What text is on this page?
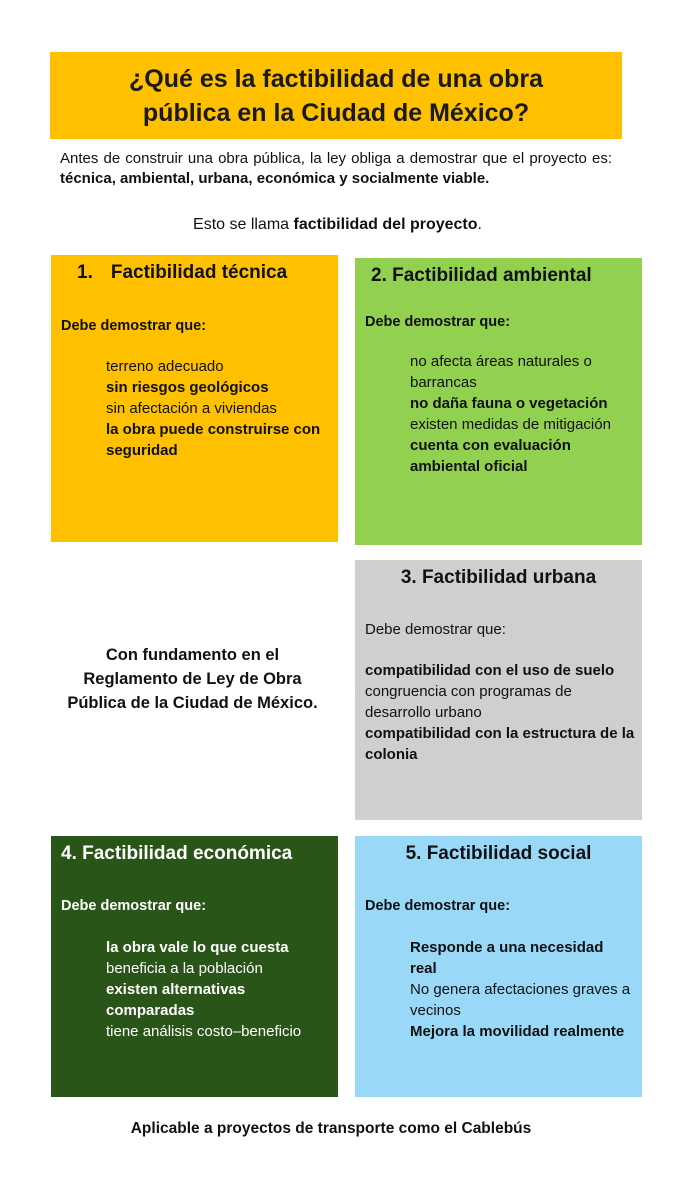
¿Qué es la factibilidad de una obra pública en la Ciudad de México?
Antes de construir una obra pública, la ley obliga a demostrar que el proyecto es: técnica, ambiental, urbana, económica y socialmente viable.
Esto se llama factibilidad del proyecto.
1. Factibilidad técnica
Debe demostrar que:
terreno adecuado
sin riesgos geológicos
sin afectación a viviendas
la obra puede construirse con seguridad
2. Factibilidad ambiental
Debe demostrar que:
no afecta áreas naturales o barrancas
no daña fauna o vegetación
existen medidas de mitigación
cuenta con evaluación ambiental oficial
Con fundamento en el Reglamento de Ley de Obra Pública de la Ciudad de México.
3. Factibilidad urbana
Debe demostrar que:
compatibilidad con el uso de suelo
congruencia con programas de desarrollo urbano
compatibilidad con la estructura de la colonia
4. Factibilidad económica
Debe demostrar que:
la obra vale lo que cuesta
beneficia a la población
existen alternativas comparadas
tiene análisis costo–beneficio
5. Factibilidad social
Debe demostrar que:
Responde a una necesidad real
No genera afectaciones graves a vecinos
Mejora la movilidad realmente
Aplicable a proyectos de transporte como el Cablebús
